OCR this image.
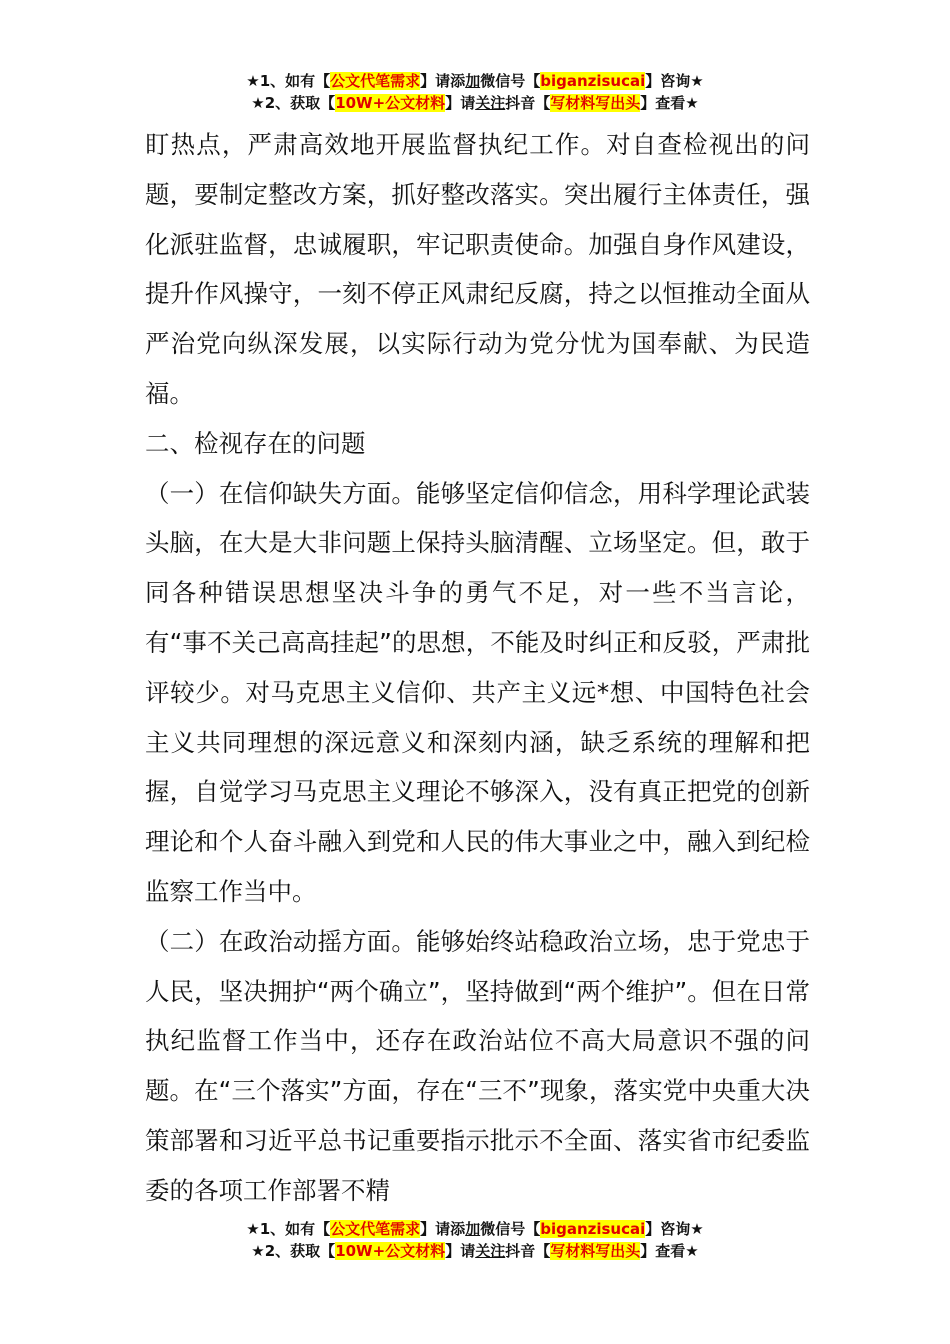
★1、如有【公文代笔需求】请添加微信号【biganzisucai】咨询★
★2、获取【10W+公文材料】请关注抖音【写材料写出头】查看★

盯热点，严肃高效地开展监督执纪工作。对自查检视出的问题，要制定整改方案，抓好整改落实。突出履行主体责任，强化派驻监督，忠诚履职，牢记职责使命。加强自身作风建设，提升作风操守，一刻不停正风肃纪反腐，持之以恒推动全面从严治党向纵深发展，以实际行动为党分忧为国奉献、为民造福。

二、检视存在的问题

（一）在信仰缺失方面。能够坚定信仰信念，用科学理论武装头脑，在大是大非问题上保持头脑清醒、立场坚定。但，敢于同各种错误思想坚决斗争的勇气不足，对一些不当言论，有“事不关己高高挂起”的思想，不能及时纠正和反驳，严肃批评较少。对马克思主义信仰、共产主义远*想、中国特色社会主义共同理想的深远意义和深刻内涵，缺乏系统的理解和把握，自觉学习马克思主义理论不够深入，没有真正把党的创新理论和个人奋斗融入到党和人民的伟大事业之中，融入到纪检监察工作当中。

（二）在政治动摇方面。能够始终站稳政治立场，忠于党忠于人民，坚决拥护“两个确立”，坚持做到“两个维护”。但在日常执纪监督工作当中，还存在政治站位不高大局意识不强的问题。在“三个落实”方面，存在“三不”现象，落实党中央重大决策部署和习近平总书记重要指示批示不全面、落实省市纪委监委的各项工作部署不精

★1、如有【公文代笔需求】请添加微信号【biganzisucai】咨询★
★2、获取【10W+公文材料】请关注抖音【写材料写出头】查看★
